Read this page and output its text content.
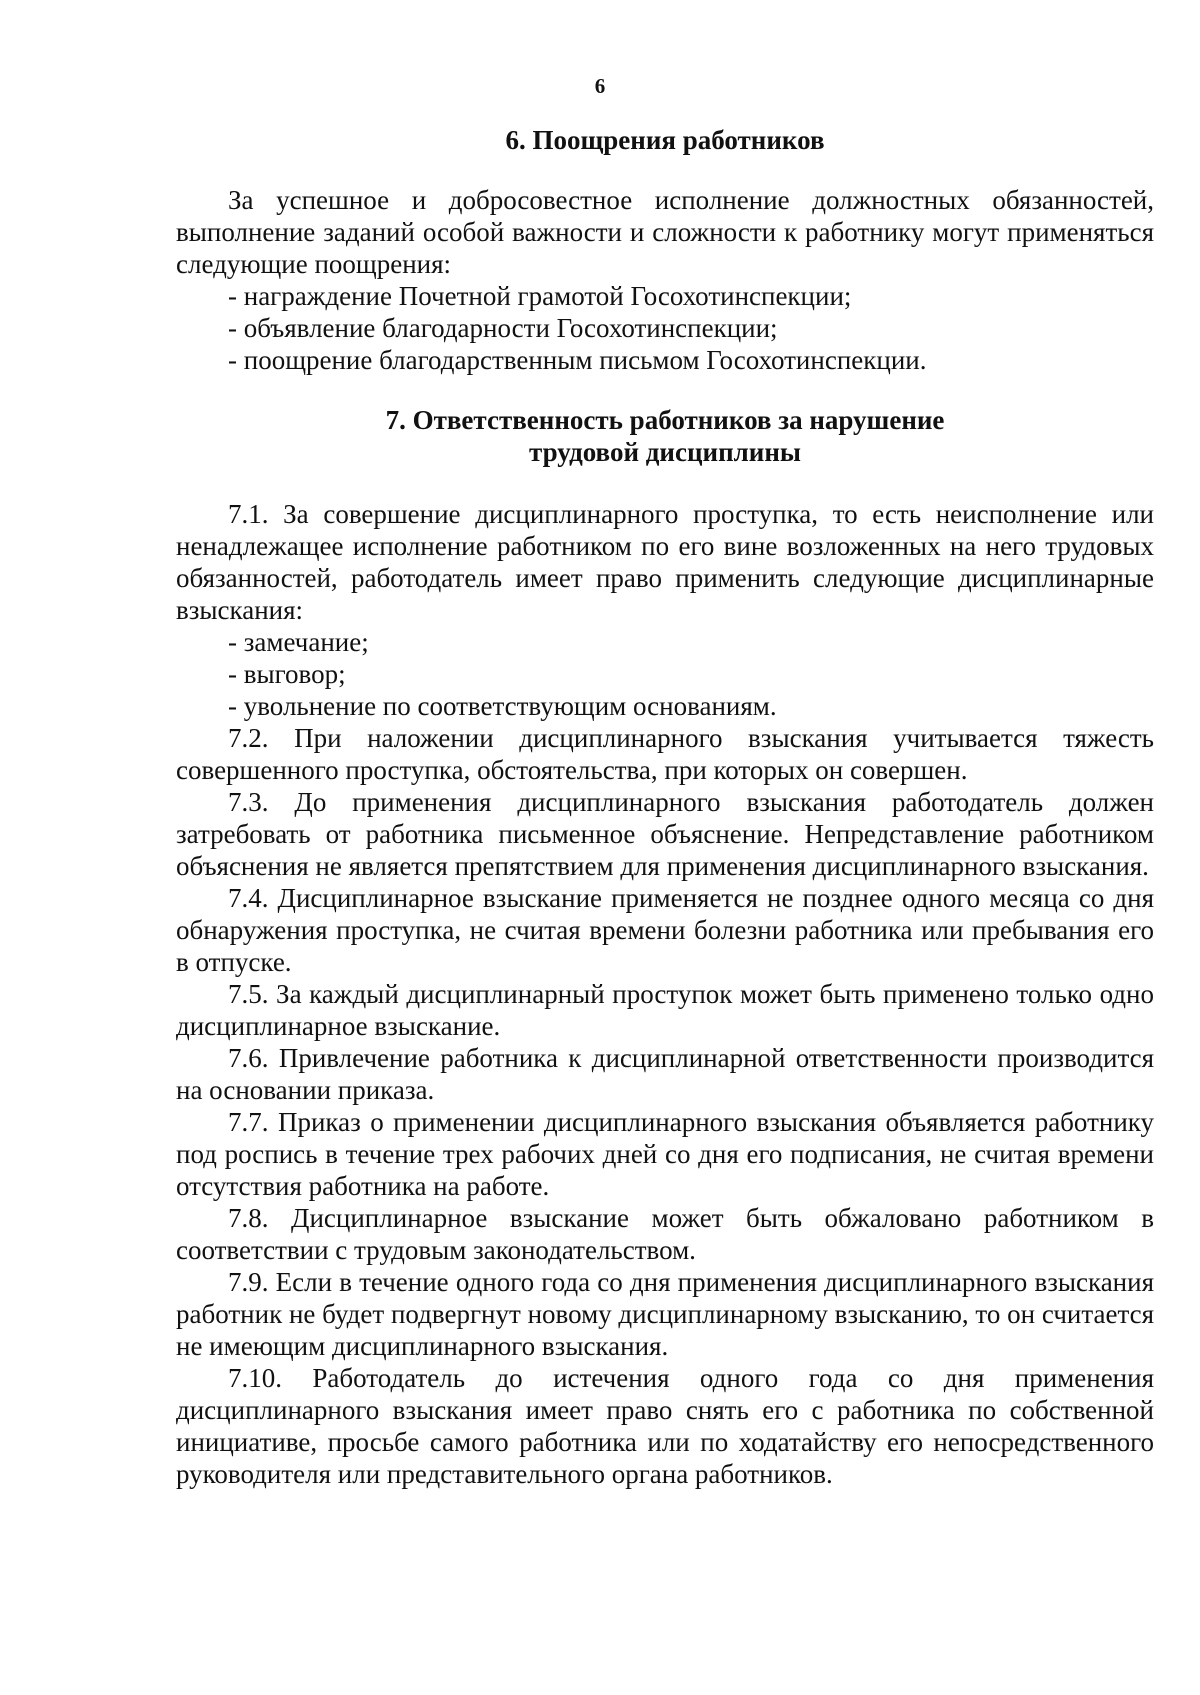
6
6. Поощрения работников

За успешное и добросовестное исполнение должностных обязанностей, выполнение заданий особой важности и сложности к работнику могут применяться следующие поощрения:

- награждение Почетной грамотой Госохотинспекции;
- объявление благодарности Госохотинспекции;
- поощрение благодарственным письмом Госохотинспекции.
7. Ответственность работников за нарушение
трудовой дисциплины

7.1. За совершение дисциплинарного проступка, то есть неисполнение или ненадлежащее исполнение работником по его вине возложенных на него трудовых обязанностей, работодатель имеет право применить следующие дисциплинарные взыскания:

- замечание;
- выговор;
- увольнение по соответствующим основаниям.

7.2. При наложении дисциплинарного взыскания учитывается тяжесть совершенного проступка, обстоятельства, при которых он совершен.

7.3. До применения дисциплинарного взыскания работодатель должен затребовать от работника письменное объяснение. Непредставление работником объяснения не является препятствием для применения дисциплинарного взыскания.

7.4. Дисциплинарное взыскание применяется не позднее одного месяца со дня обнаружения проступка, не считая времени болезни работника или пребывания его в отпуске.

7.5. За каждый дисциплинарный проступок может быть применено только одно дисциплинарное взыскание.

7.6. Привлечение работника к дисциплинарной ответственности производится на основании приказа.

7.7. Приказ о применении дисциплинарного взыскания объявляется работнику под роспись в течение трех рабочих дней со дня его подписания, не считая времени отсутствия работника на работе.

7.8. Дисциплинарное взыскание может быть обжаловано работником в соответствии с трудовым законодательством.

7.9. Если в течение одного года со дня применения дисциплинарного взыскания работник не будет подвергнут новому дисциплинарному взысканию, то он считается не имеющим дисциплинарного взыскания.

7.10. Работодатель до истечения одного года со дня применения дисциплинарного взыскания имеет право снять его с работника по собственной инициативе, просьбе самого работника или по ходатайству его непосредственного руководителя или представительного органа работников.
